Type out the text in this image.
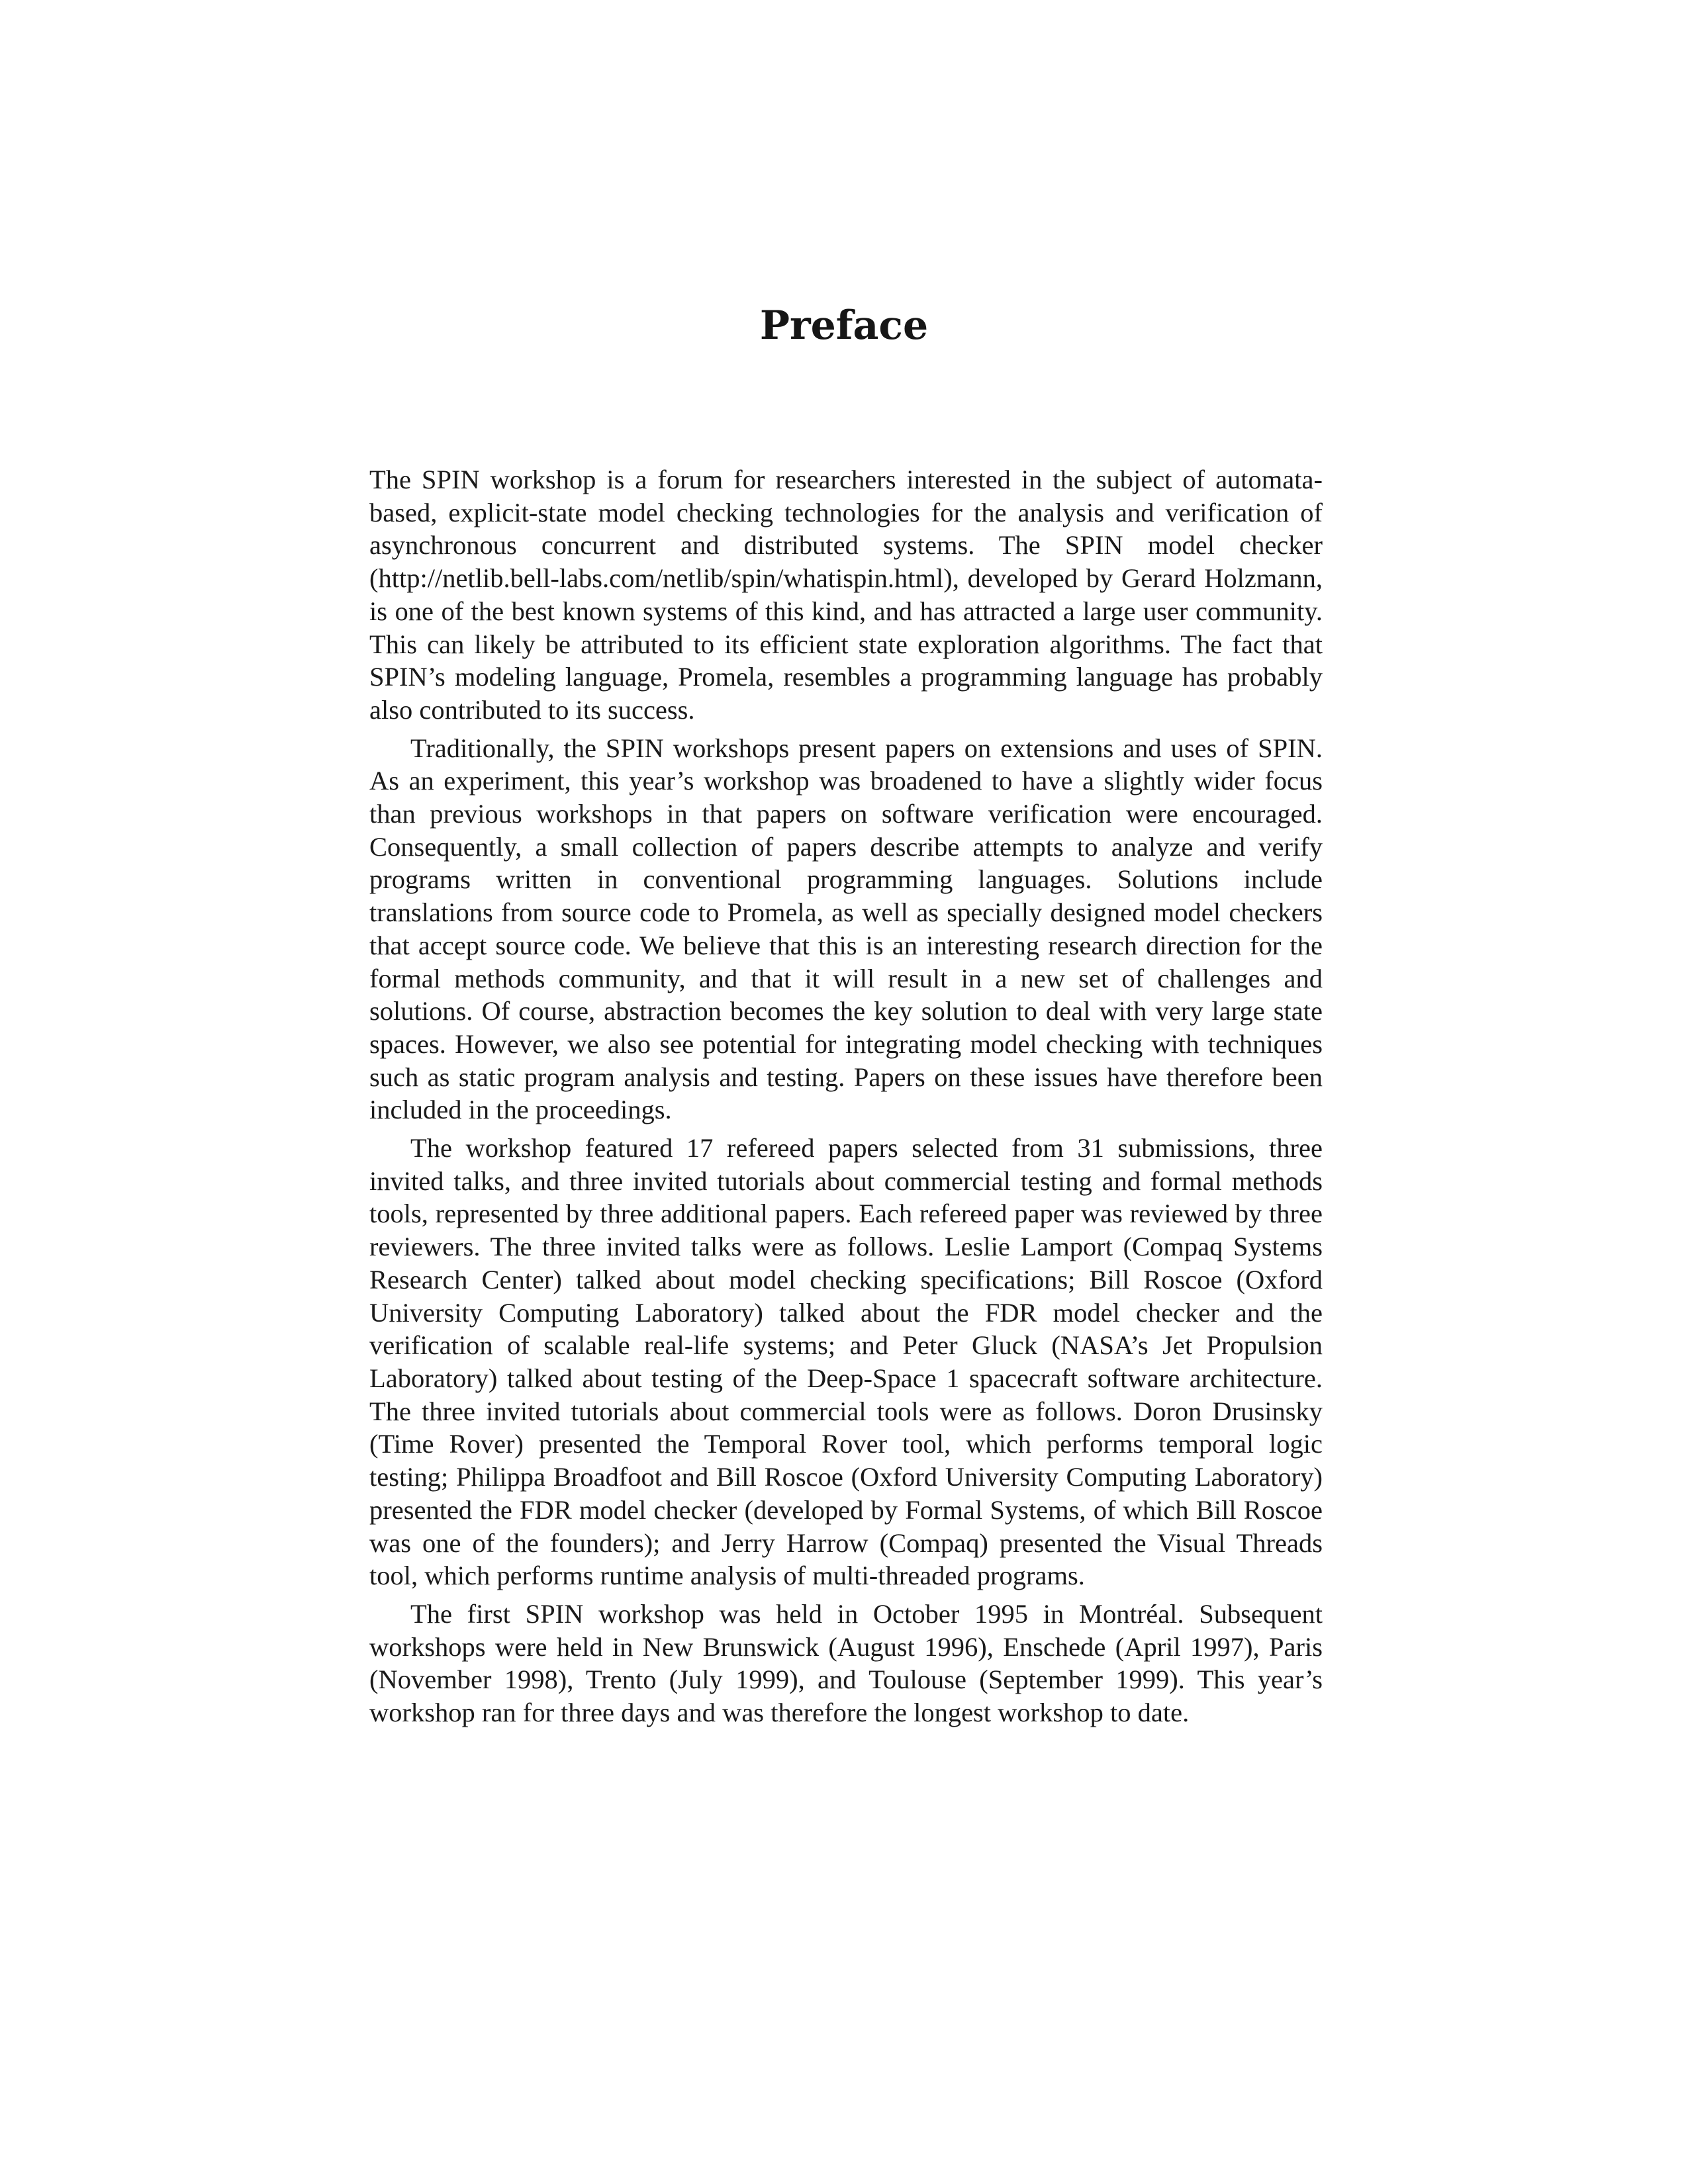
Preface

The SPIN workshop is a forum for researchers interested in the subject of automata-based, explicit-state model checking technologies for the analysis and verification of asynchronous concurrent and distributed systems. The SPIN model checker (http://netlib.bell-labs.com/netlib/spin/whatispin.html), developed by Gerard Holzmann, is one of the best known systems of this kind, and has attracted a large user community. This can likely be attributed to its efficient state exploration algorithms. The fact that SPIN’s modeling language, Promela, resembles a programming language has probably also contributed to its success.

Traditionally, the SPIN workshops present papers on extensions and uses of SPIN. As an experiment, this year’s workshop was broadened to have a slightly wider focus than previous workshops in that papers on software verification were encouraged. Consequently, a small collection of papers describe attempts to analyze and verify programs written in conventional programming languages. Solutions include translations from source code to Promela, as well as specially designed model checkers that accept source code. We believe that this is an interesting research direction for the formal methods community, and that it will result in a new set of challenges and solutions. Of course, abstraction becomes the key solution to deal with very large state spaces. However, we also see potential for integrating model checking with techniques such as static program analysis and testing. Papers on these issues have therefore been included in the proceedings.

The workshop featured 17 refereed papers selected from 31 submissions, three invited talks, and three invited tutorials about commercial testing and formal methods tools, represented by three additional papers. Each refereed paper was reviewed by three reviewers. The three invited talks were as follows. Leslie Lamport (Compaq Systems Research Center) talked about model checking specifications; Bill Roscoe (Oxford University Computing Laboratory) talked about the FDR model checker and the verification of scalable real-life systems; and Peter Gluck (NASA’s Jet Propulsion Laboratory) talked about testing of the Deep-Space 1 spacecraft software architecture. The three invited tutorials about commercial tools were as follows. Doron Drusinsky (Time Rover) presented the Temporal Rover tool, which performs temporal logic testing; Philippa Broadfoot and Bill Roscoe (Oxford University Computing Laboratory) presented the FDR model checker (developed by Formal Systems, of which Bill Roscoe was one of the founders); and Jerry Harrow (Compaq) presented the Visual Threads tool, which performs runtime analysis of multi-threaded programs.

The first SPIN workshop was held in October 1995 in Montréal. Subsequent workshops were held in New Brunswick (August 1996), Enschede (April 1997), Paris (November 1998), Trento (July 1999), and Toulouse (September 1999). This year’s workshop ran for three days and was therefore the longest workshop to date.
